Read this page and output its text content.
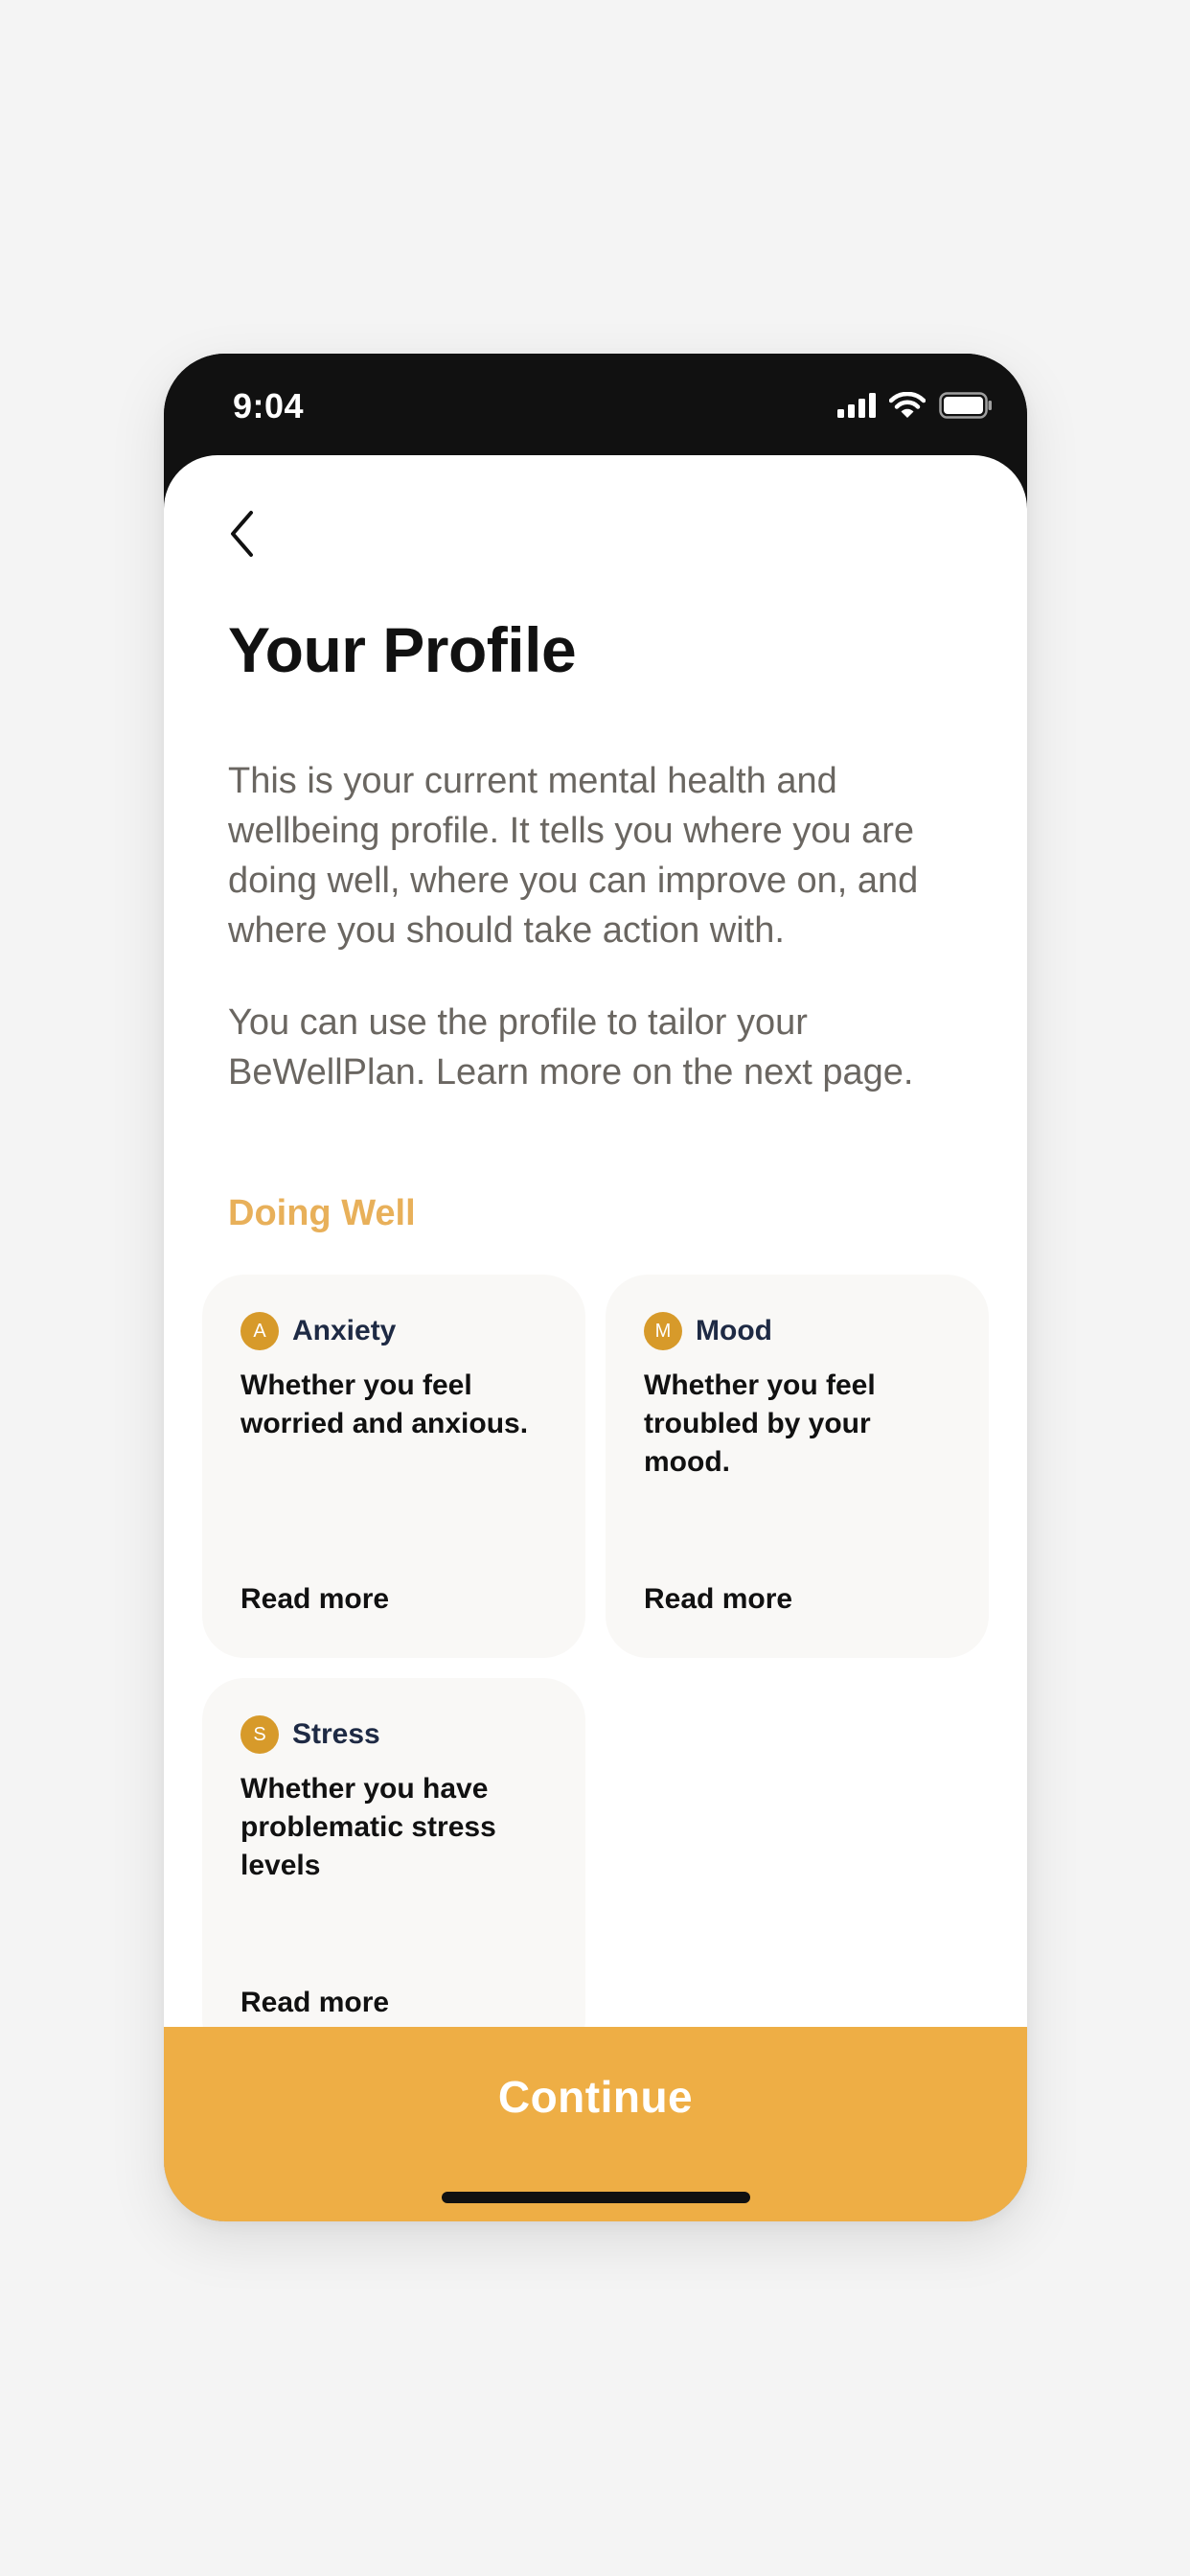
9:04
Your Profile

This is your current mental health and wellbeing profile. It tells you where you are doing well, where you can improve on, and where you should take action with.

You can use the profile to tailor your BeWellPlan. Learn more on the next page.

Doing Well
A Anxiety
Whether you feel worried and anxious.
Read more
M Mood
Whether you feel troubled by your mood.
Read more
S Stress
Whether you have problematic stress levels
Read more
Continue
